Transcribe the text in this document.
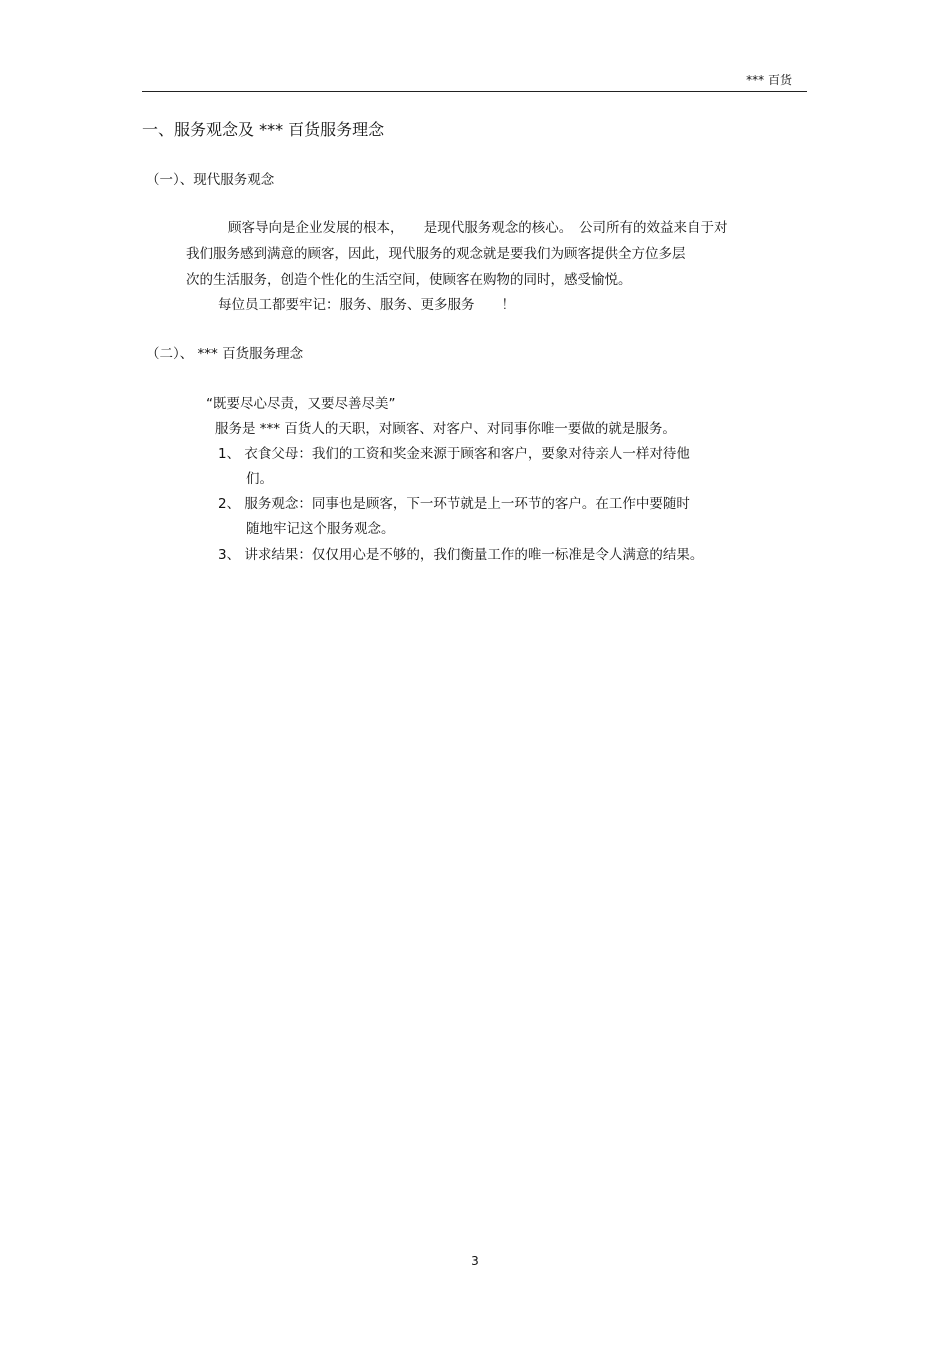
*** 百货
一、服务观念及 *** 百货服务理念
（一）、现代服务观念
顾客导向是企业发展的根本，　　是现代服务观念的核心。　公司所有的效益来自于对
我们服务感到满意的顾客，因此，现代服务的观念就是要我们为顾客提供全方位多层
次的生活服务，创造个性化的生活空间，使顾客在购物的同时，感受愉悦。
每位员工都要牢记：服务、服务、更多服务　　！
（二）、 *** 百货服务理念
“既要尽心尽责，又要尽善尽美”
服务是 *** 百货人的天职，对顾客、对客户、对同事你唯一要做的就是服务。
1、 衣食父母：我们的工资和奖金来源于顾客和客户，要象对待亲人一样对待他
们。
2、 服务观念：同事也是顾客，下一环节就是上一环节的客户。在工作中要随时
随地牢记这个服务观念。
3、 讲求结果：仅仅用心是不够的，我们衡量工作的唯一标准是令人满意的结果。
3
